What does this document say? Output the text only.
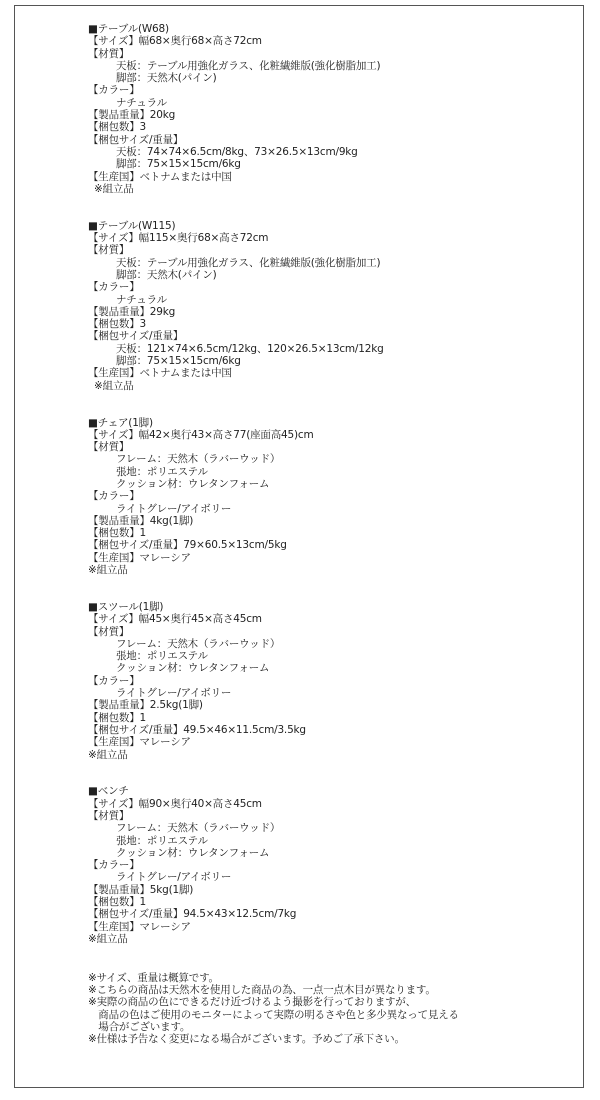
■テーブル(W68)
【サイズ】幅68×奥行68×高さ72cm
【材質】
天板：テーブル用強化ガラス、化粧繊維版(強化樹脂加工)
脚部：天然木(パイン)
【カラー】
ナチュラル
【製品重量】20kg
【梱包数】3
【梱包サイズ/重量】
天板：74×74×6.5cm/8kg、73×26.5×13cm/9kg
脚部：75×15×15cm/6kg
【生産国】ベトナムまたは中国
※組立品
■テーブル(W115)
【サイズ】幅115×奥行68×高さ72cm
【材質】
天板：テーブル用強化ガラス、化粧繊維版(強化樹脂加工)
脚部：天然木(パイン)
【カラー】
ナチュラル
【製品重量】29kg
【梱包数】3
【梱包サイズ/重量】
天板：121×74×6.5cm/12kg、120×26.5×13cm/12kg
脚部：75×15×15cm/6kg
【生産国】ベトナムまたは中国
※組立品
■チェア(1脚)
【サイズ】幅42×奥行43×高さ77(座面高45)cm
【材質】
フレーム：天然木（ラバーウッド）
張地：ポリエステル
クッション材：ウレタンフォーム
【カラー】
ライトグレー/アイボリー
【製品重量】4kg(1脚)
【梱包数】1
【梱包サイズ/重量】79×60.5×13cm/5kg
【生産国】マレーシア
※組立品
■スツール(1脚)
【サイズ】幅45×奥行45×高さ45cm
【材質】
フレーム：天然木（ラバーウッド）
張地：ポリエステル
クッション材：ウレタンフォーム
【カラー】
ライトグレー/アイボリー
【製品重量】2.5kg(1脚)
【梱包数】1
【梱包サイズ/重量】49.5×46×11.5cm/3.5kg
【生産国】マレーシア
※組立品
■ベンチ
【サイズ】幅90×奥行40×高さ45cm
【材質】
フレーム：天然木（ラバーウッド）
張地：ポリエステル
クッション材：ウレタンフォーム
【カラー】
ライトグレー/アイボリー
【製品重量】5kg(1脚)
【梱包数】1
【梱包サイズ/重量】94.5×43×12.5cm/7kg
【生産国】マレーシア
※組立品
※サイズ、重量は概算です。
※こちらの商品は天然木を使用した商品の為、一点一点木目が異なります。
※実際の商品の色にできるだけ近づけるよう撮影を行っておりますが、
　商品の色はご使用のモニターによって実際の明るさや色と多少異なって見える
　場合がございます。
※仕様は予告なく変更になる場合がございます。予めご了承下さい。
